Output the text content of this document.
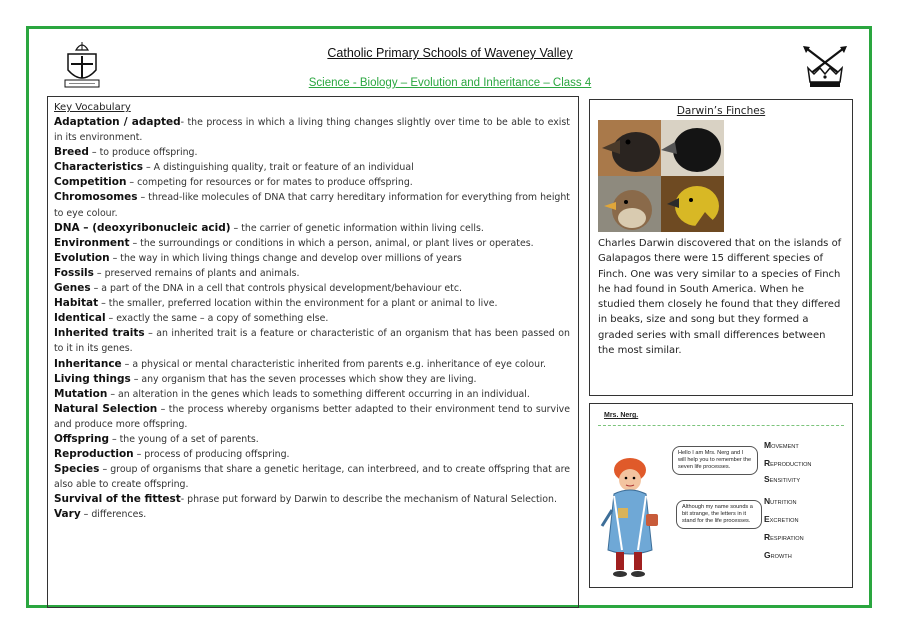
Catholic Primary Schools of Waveney Valley
Science - Biology – Evolution and Inheritance – Class 4
Key Vocabulary
Adaptation / adapted- the process in which a living thing changes slightly over time to be able to exist in its environment.
Breed – to produce offspring.
Characteristics – A distinguishing quality, trait or feature of an individual
Competition – competing for resources or for mates to produce offspring.
Chromosomes – thread-like molecules of DNA that carry hereditary information for everything from height to eye colour.
DNA – (deoxyribonucleic acid) – the carrier of genetic information within living cells.
Environment – the surroundings or conditions in which a person, animal, or plant lives or operates.
Evolution – the way in which living things change and develop over millions of years
Fossils – preserved remains of plants and animals.
Genes – a part of the DNA in a cell that controls physical development/behaviour etc.
Habitat – the smaller, preferred location within the environment for a plant or animal to live.
Identical – exactly the same – a copy of something else.
Inherited traits – an inherited trait is a feature or characteristic of an organism that has been passed on to it in its genes.
Inheritance – a physical or mental characteristic inherited from parents e.g. inheritance of eye colour.
Living things – any organism that has the seven processes which show they are living.
Mutation – an alteration in the genes which leads to something different occurring in an individual.
Natural Selection – the process whereby organisms better adapted to their environment tend to survive and produce more offspring.
Offspring – the young of a set of parents.
Reproduction – process of producing offspring.
Species – group of organisms that share a genetic heritage, can interbreed, and to create offspring that are also able to create offspring.
Survival of the fittest- phrase put forward by Darwin to describe the mechanism of Natural Selection.
Vary – differences.
Darwin’s Finches
Charles Darwin discovered that on the islands of Galapagos there were 15 different species of Finch. One was very similar to a species of Finch he had found in South America. When he studied them closely he found that they differed in beaks, size and song but they formed a graded series with small differences between the most similar.
Mrs. Nerg.
Hello I am Mrs. Nerg and I will help you to remember the seven life processes.
Although my name sounds a bit strange, the letters in it stand for the life processes.
MOVEMENT
REPRODUCTION
SENSITIVITY
NUTRITION
EXCRETION
RESPIRATION
GROWTH
